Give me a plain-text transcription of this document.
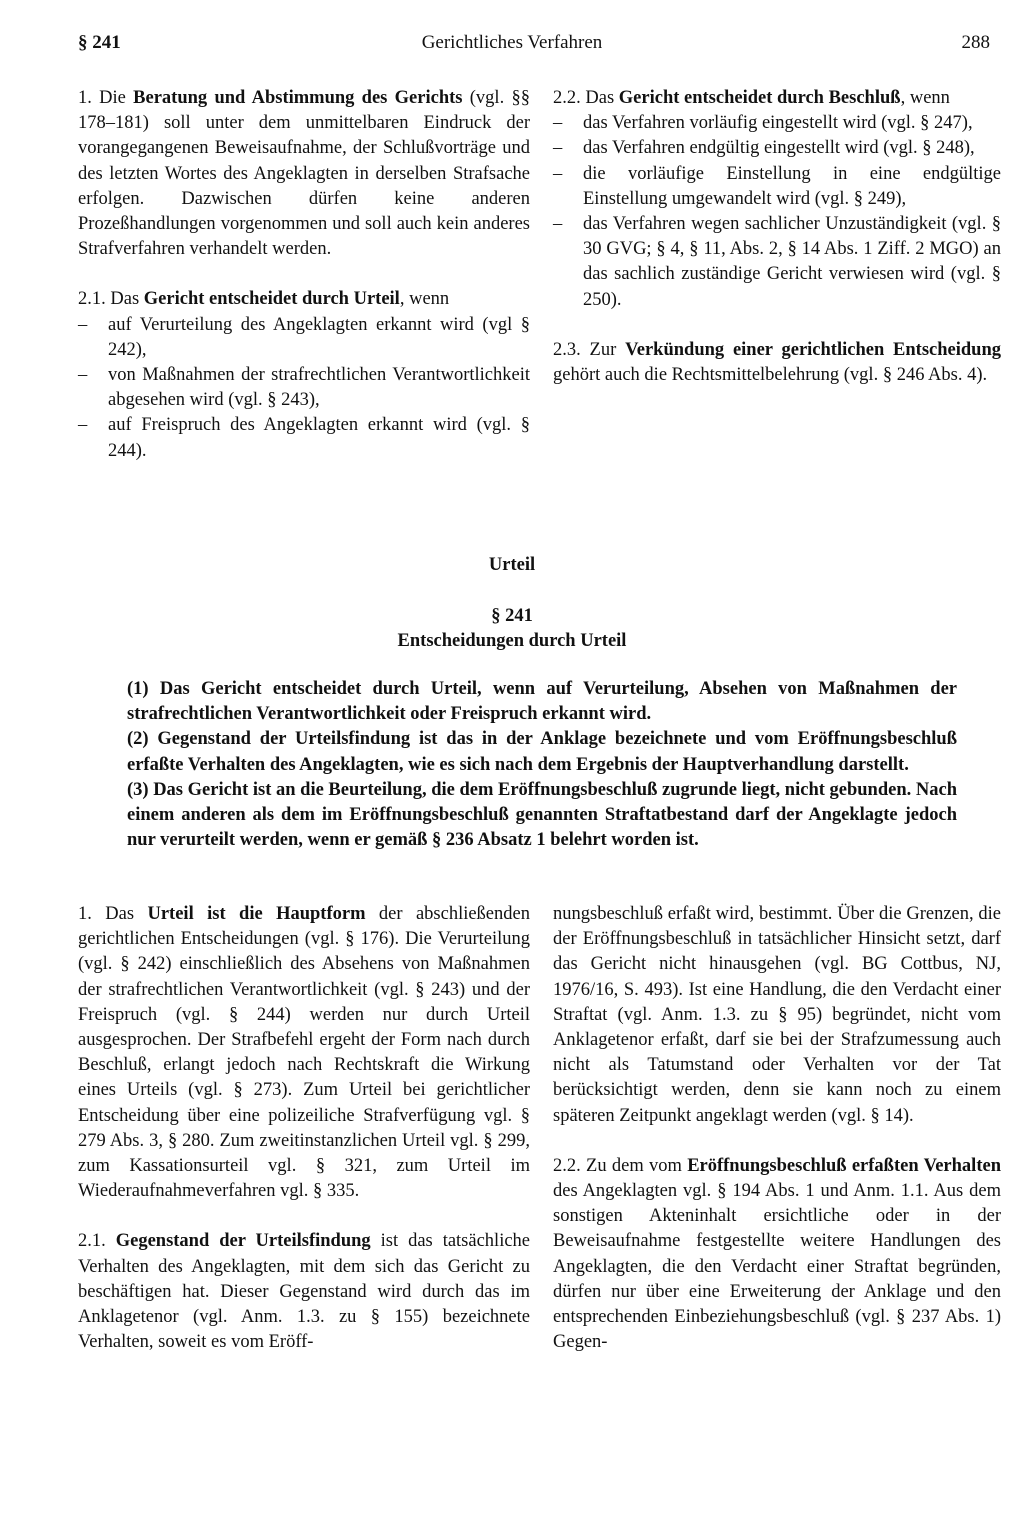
§ 241	Gerichtliches Verfahren	288

1. Die Beratung und Abstimmung des Gerichts (vgl. §§ 178–181) soll unter dem unmittelbaren Eindruck der vorangegangenen Beweisaufnahme, der Schlußvorträge und des letzten Wortes des Angeklagten in derselben Strafsache erfolgen. Dazwischen dürfen keine anderen Prozeßhandlungen vorgenommen und soll auch kein anderes Strafverfahren verhandelt werden.

2.1. Das Gericht entscheidet durch Urteil, wenn

–	auf Verurteilung des Angeklagten erkannt wird (vgl § 242),
–	von Maßnahmen der strafrechtlichen Verantwortlichkeit abgesehen wird (vgl. § 243),
–	auf Freispruch des Angeklagten erkannt wird (vgl. § 244).

2.2. Das Gericht entscheidet durch Beschluß, wenn

–	das Verfahren vorläufig eingestellt wird (vgl. § 247),
–	das Verfahren endgültig eingestellt wird (vgl. § 248),
–	die vorläufige Einstellung in eine endgültige Einstellung umgewandelt wird (vgl. § 249),
–	das Verfahren wegen sachlicher Unzuständigkeit (vgl. § 30 GVG; § 4, § 11, Abs. 2, § 14 Abs. 1 Ziff. 2 MGO) an das sachlich zuständige Gericht verwiesen wird (vgl. § 250).

2.3. Zur Verkündung einer gerichtlichen Entscheidung gehört auch die Rechtsmittelbelehrung (vgl. § 246 Abs. 4).

Urteil
§ 241
Entscheidungen durch Urteil

(1) Das Gericht entscheidet durch Urteil, wenn auf Verurteilung, Absehen von Maßnahmen der strafrechtlichen Verantwortlichkeit oder Freispruch erkannt wird.

(2) Gegenstand der Urteilsfindung ist das in der Anklage bezeichnete und vom Eröffnungsbeschluß erfaßte Verhalten des Angeklagten, wie es sich nach dem Ergebnis der Hauptverhandlung darstellt.

(3) Das Gericht ist an die Beurteilung, die dem Eröffnungsbeschluß zugrunde liegt, nicht gebunden. Nach einem anderen als dem im Eröffnungsbeschluß genannten Straftatbestand darf der Angeklagte jedoch nur verurteilt werden, wenn er gemäß § 236 Absatz 1 belehrt worden ist.

1. Das Urteil ist die Hauptform der abschließenden gerichtlichen Entscheidungen (vgl. § 176). Die Verurteilung (vgl. § 242) einschließlich des Absehens von Maßnahmen der strafrechtlichen Verantwortlichkeit (vgl. § 243) und der Freispruch (vgl. § 244) werden nur durch Urteil ausgesprochen. Der Strafbefehl ergeht der Form nach durch Beschluß, erlangt jedoch nach Rechtskraft die Wirkung eines Urteils (vgl. § 273). Zum Urteil bei gerichtlicher Entscheidung über eine polizeiliche Strafverfügung vgl. § 279 Abs. 3, § 280. Zum zweitinstanzlichen Urteil vgl. § 299, zum Kassationsurteil vgl. § 321, zum Urteil im Wiederaufnahmeverfahren vgl. § 335.

2.1. Gegenstand der Urteilsfindung ist das tatsächliche Verhalten des Angeklagten, mit dem sich das Gericht zu beschäftigen hat. Dieser Gegenstand wird durch das im Anklagetenor (vgl. Anm. 1.3. zu § 155) bezeichnete Verhalten, soweit es vom Eröff-

nungsbeschluß erfaßt wird, bestimmt. Über die Grenzen, die der Eröffnungsbeschluß in tatsächlicher Hinsicht setzt, darf das Gericht nicht hinausgehen (vgl. BG Cottbus, NJ, 1976/16, S. 493). Ist eine Handlung, die den Verdacht einer Straftat (vgl. Anm. 1.3. zu § 95) begründet, nicht vom Anklagetenor erfaßt, darf sie bei der Strafzumessung auch nicht als Tatumstand oder Verhalten vor der Tat berücksichtigt werden, denn sie kann noch zu einem späteren Zeitpunkt angeklagt werden (vgl. § 14).

2.2. Zu dem vom Eröffnungsbeschluß erfaßten Verhalten des Angeklagten vgl. § 194 Abs. 1 und Anm. 1.1. Aus dem sonstigen Akteninhalt ersichtliche oder in der Beweisaufnahme festgestellte weitere Handlungen des Angeklagten, die den Verdacht einer Straftat begründen, dürfen nur über eine Erweiterung der Anklage und den entsprechenden Einbeziehungsbeschluß (vgl. § 237 Abs. 1) Gegen-
